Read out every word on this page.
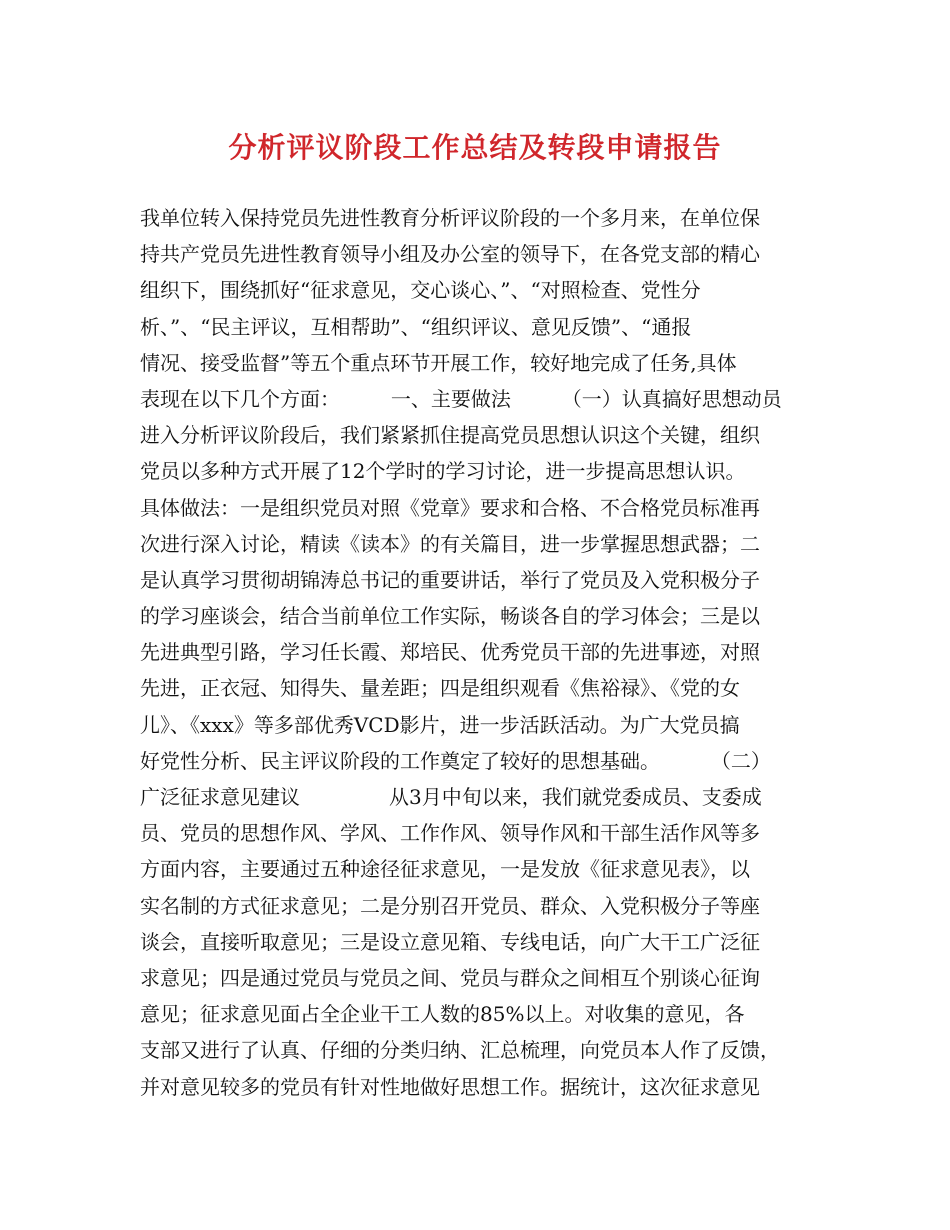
分析评议阶段工作总结及转段申请报告
我单位转入保持党员先进性教育分析评议阶段的一个多月来，在单位保
持共产党员先进性教育领导小组及办公室的领导下，在各党支部的精心
组织下，围绕抓好“征求意见，交心谈心、”、“对照检查、党性分
析、”、“民主评议，互相帮助”、“组织评议、意见反馈”、“通报
情况、接受监督”等五个重点环节开展工作，较好地完成了任务,具体
表现在以下几个方面：        一、主要做法        （一）认真搞好思想动员
进入分析评议阶段后，我们紧紧抓住提高党员思想认识这个关键，组织
党员以多种方式开展了12个学时的学习讨论，进一步提高思想认识。
具体做法：一是组织党员对照《党章》要求和合格、不合格党员标准再
次进行深入讨论，精读《读本》的有关篇目，进一步掌握思想武器；二
是认真学习贯彻胡锦涛总书记的重要讲话，举行了党员及入党积极分子
的学习座谈会，结合当前单位工作实际，畅谈各自的学习体会；三是以
先进典型引路，学习任长霞、郑培民、优秀党员干部的先进事迹，对照
先进，正衣冠、知得失、量差距；四是组织观看《焦裕禄》、《党的女
儿》、《xxx》等多部优秀VCD影片，进一步活跃活动。为广大党员搞
好党性分析、民主评议阶段的工作奠定了较好的思想基础。        （二）
广泛征求意见建议              从3月中旬以来，我们就党委成员、支委成
员、党员的思想作风、学风、工作作风、领导作风和干部生活作风等多
方面内容，主要通过五种途径征求意见，一是发放《征求意见表》，以
实名制的方式征求意见；二是分别召开党员、群众、入党积极分子等座
谈会，直接听取意见；三是设立意见箱、专线电话，向广大干工广泛征
求意见；四是通过党员与党员之间、党员与群众之间相互个别谈心征询
意见；征求意见面占全企业干工人数的85%以上。对收集的意见，各
支部又进行了认真、仔细的分类归纳、汇总梳理，向党员本人作了反馈，
并对意见较多的党员有针对性地做好思想工作。据统计，这次征求意见
